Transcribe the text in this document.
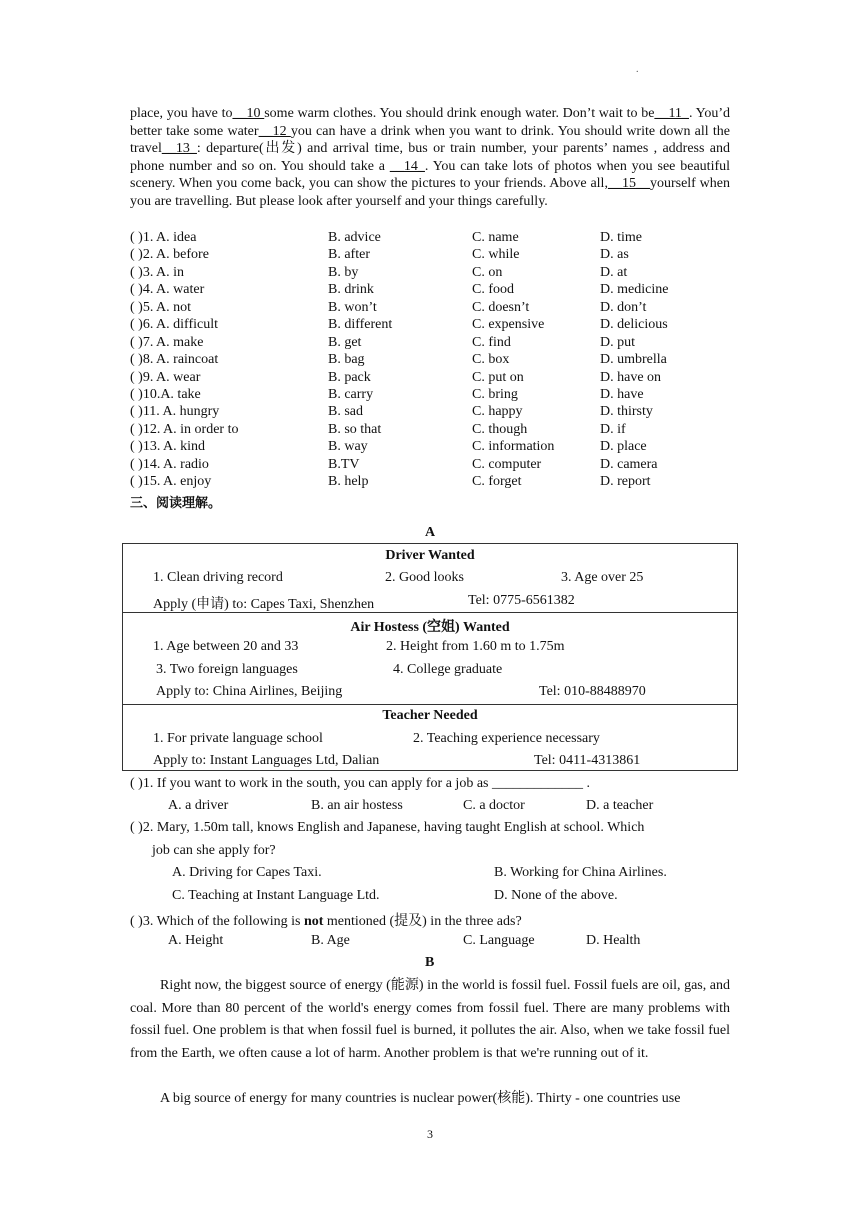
.
place, you have to__10 some warm clothes. You should drink enough water. Don’t wait to be__11_. You’d better take some water__12 you can have a drink when you want to drink. You should write down all the travel__13_: departure(出发) and arrival time, bus or train number, your parents’ names , address and phone number and so on. You should take a __14_. You can take lots of photos when you see beautiful scenery. When you come back, you can show the pictures to your friends. Above all,__15__yourself when you are travelling. But please look after yourself and your things carefully.
( )1. A. idea	B. advice	C. name	D. time
( )2. A. before	B. after	C. while	D. as
( )3. A. in	B. by	C. on	D. at
( )4. A. water	B. drink	C. food	D. medicine
( )5. A. not	B. won’t	C. doesn’t	D. don’t
( )6. A. difficult	B. different	C. expensive	D. delicious
( )7. A. make	B. get	C. find	D. put
( )8. A. raincoat	B. bag	C. box	D. umbrella
( )9. A. wear	B. pack	C. put on	D. have on
( )10.A. take	B. carry	C. bring	D. have
( )11. A. hungry	B. sad	C. happy	D. thirsty
( )12. A. in order to	B. so that	C. though	D. if
( )13. A. kind	B. way	C. information	D. place
( )14. A. radio	B.TV	C. computer	D. camera
( )15. A. enjoy	B. help	C. forget	D. report
三、阅读理解。
A
Driver Wanted
1. Clean driving record	2. Good looks	3. Age over 25
Apply (申请) to: Capes Taxi, Shenzhen	Tel: 0775-6561382
Air Hostess (空姐) Wanted
1. Age between 20 and 33	2. Height from 1.60 m to 1.75m
3. Two foreign languages	4. College graduate
Apply to: China Airlines, Beijing	Tel: 010-88488970
Teacher Needed
1. For private language school	2. Teaching experience necessary
Apply to: Instant Languages Ltd, Dalian	Tel: 0411-4313861
( )1. If you want to work in the south, you can apply for a job as _____________ .
A. a driver	B. an air hostess	C. a doctor	D. a teacher
( )2. Mary, 1.50m tall, knows English and Japanese, having taught English at school. Which
job can she apply for?
A. Driving for Capes Taxi.	B. Working for China Airlines.
C. Teaching at Instant Language Ltd.	D. None of the above.
( )3. Which of the following is not mentioned (提及) in the three ads?
A. Height	B. Age	C. Language	D. Health
B
Right now, the biggest source of energy (能源) in the world is fossil fuel. Fossil fuels are oil, gas, and coal. More than 80 percent of the world's energy comes from fossil fuel. There are many problems with fossil fuel. One problem is that when fossil fuel is burned, it pollutes the air. Also, when we take fossil fuel from the Earth, we often cause a lot of harm. Another problem is that we're running out of it.
A big source of energy for many countries is nuclear power(核能). Thirty - one countries use
3
